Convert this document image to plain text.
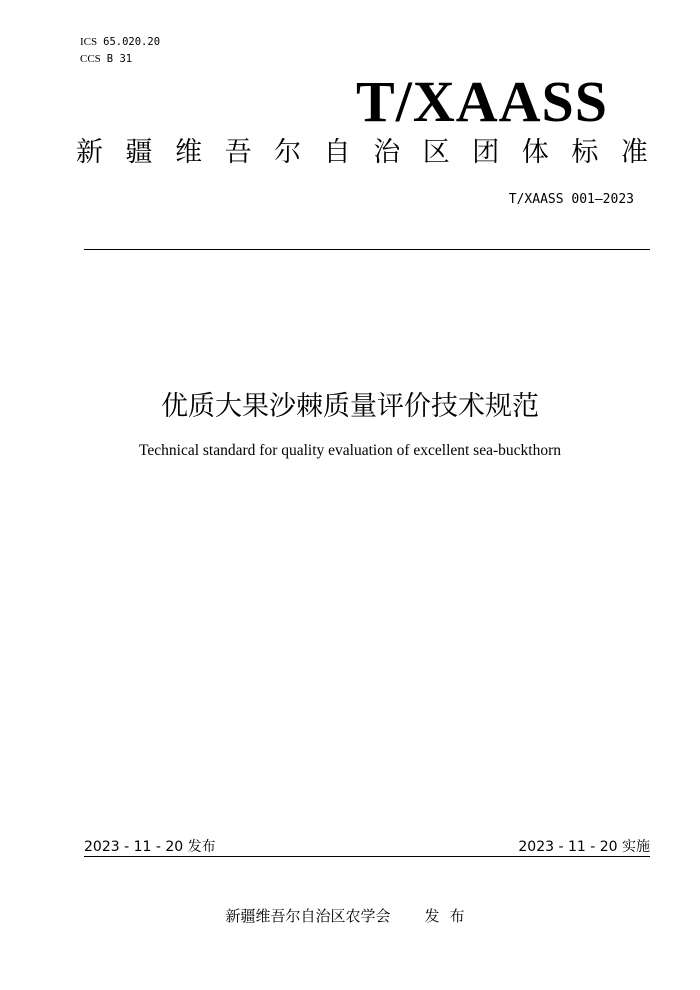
ICS 65.020.20
CCS B 31
T/XAASS
新 疆 维 吾 尔 自 治 区 团 体 标 准
T/XAASS 001—2023
优质大果沙棘质量评价技术规范
Technical standard for quality evaluation of excellent sea-buckthorn
2023 - 11 - 20 发布	2023 - 11 - 20 实施
新疆维吾尔自治区农学会 发布
